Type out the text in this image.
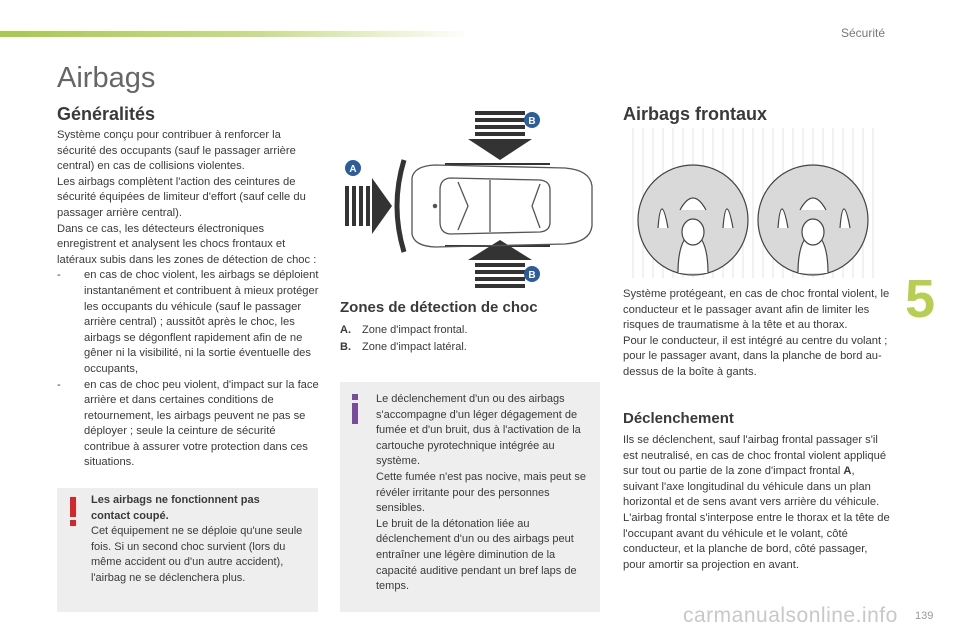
Sécurité
5
Airbags
Généralités

Système conçu pour contribuer à renforcer la sécurité des occupants (sauf le passager arrière central) en cas de collisions violentes.

Les airbags complètent l'action des ceintures de sécurité équipées de limiteur d'effort (sauf celle du passager arrière central).

Dans ce cas, les détecteurs électroniques enregistrent et analysent les chocs frontaux et latéraux subis dans les zones de détection de choc :

- en cas de choc violent, les airbags se déploient instantanément et contribuent à mieux protéger les occupants du véhicule (sauf le passager arrière central) ; aussitôt après le choc, les airbags se dégonflent rapidement afin de ne gêner ni la visibilité, ni la sortie éventuelle des occupants,

- en cas de choc peu violent, d'impact sur la face arrière et dans certaines conditions de retournement, les airbags peuvent ne pas se déployer ; seule la ceinture de sécurité contribue à assurer votre protection dans ces situations.

Les airbags ne fonctionnent pas
contact coupé.
Cet équipement ne se déploie qu'une seule fois. Si un second choc survient (lors du même accident ou d'un autre accident), l'airbag ne se déclenchera plus.
B
B
A
Zones de détection de choc
A. Zone d'impact frontal.
B. Zone d'impact latéral.

Le déclenchement d'un ou des airbags s'accompagne d'un léger dégagement de fumée et d'un bruit, dus à l'activation de la cartouche pyrotechnique intégrée au système.

Cette fumée n'est pas nocive, mais peut se révéler irritante pour des personnes sensibles.

Le bruit de la détonation liée au déclenchement d'un ou des airbags peut entraîner une légère diminution de la capacité auditive pendant un bref laps de temps.

Airbags frontaux

Système protégeant, en cas de choc frontal violent, le conducteur et le passager avant afin de limiter les risques de traumatisme à la tête et au thorax.

Pour le conducteur, il est intégré au centre du volant ; pour le passager avant, dans la planche de bord au-dessus de la boîte à gants.

Déclenchement

Ils se déclenchent, sauf l'airbag frontal passager s'il est neutralisé, en cas de choc frontal violent appliqué sur tout ou partie de la zone d'impact frontal A, suivant l'axe longitudinal du véhicule dans un plan horizontal et de sens avant vers arrière du véhicule.

L'airbag frontal s'interpose entre le thorax et la tête de l'occupant avant du véhicule et le volant, côté conducteur, et la planche de bord, côté passager, pour amortir sa projection en avant.

carmanualsonline.info 139
